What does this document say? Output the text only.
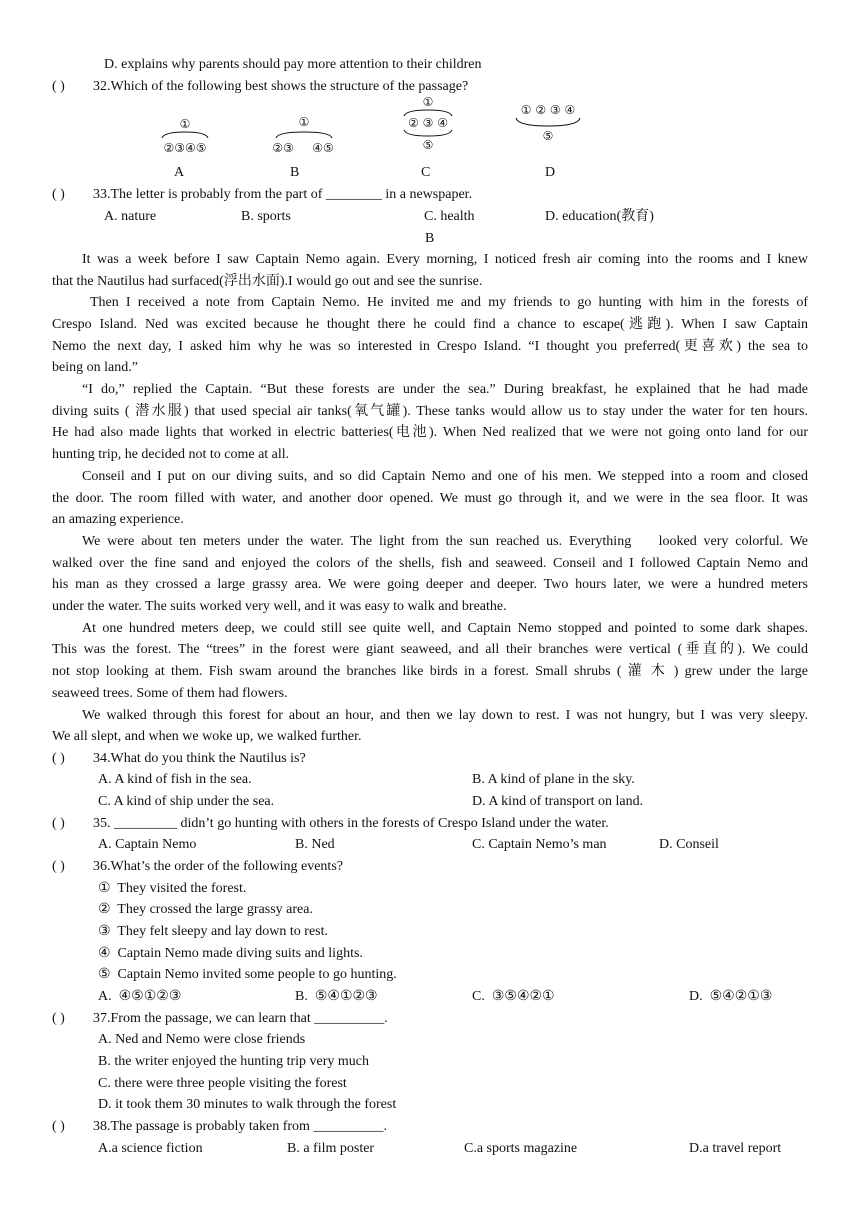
D. explains why parents should pay more attention to their children
( ) 32.Which of the following best shows the structure of the passage?
①
②③④⑤
①
②③ ④⑤
①
② ③ ④
⑤
① ② ③ ④
⑤
A	B	C	D
( ) 33.The letter is probably from the part of ________ in a newspaper.
A. nature	B. sports	C. health	D. education(教育)
B
It was a week before I saw Captain Nemo again. Every morning, I noticed fresh air coming into the rooms and I knew
that the Nautilus had surfaced(浮出水面).I would go out and see the sunrise.
Then I received a note from Captain Nemo. He invited me and my friends to go hunting with him in the forests of
Crespo Island. Ned was excited because he thought there he could find a chance to escape(逃跑). When I saw Captain
Nemo the next day, I asked him why he was so interested in Crespo Island. “I thought you preferred(更喜欢) the sea to
being on land.”
“I do,” replied the Captain. “But these forests are under the sea.” During breakfast, he explained that he had made
diving suits ( 潜水服) that used special air tanks(氧气罐). These tanks would allow us to stay under the water for ten hours.
He had also made lights that worked in electric batteries(电池). When Ned realized that we were not going onto land for our
hunting trip, he decided not to come at all.
Conseil and I put on our diving suits, and so did Captain Nemo and one of his men. We stepped into a room and closed
the door. The room filled with water, and another door opened. We must go through it, and we were in the sea floor. It was
an amazing experience.
We were about ten meters under the water. The light from the sun reached us. Everything    looked very colorful. We
walked over the fine sand and enjoyed the colors of the shells, fish and seaweed. Conseil and I followed Captain Nemo and
his man as they crossed a large grassy area. We were going deeper and deeper. Two hours later, we were a hundred meters
under the water. The suits worked very well, and it was easy to walk and breathe.
At one hundred meters deep, we could still see quite well, and Captain Nemo stopped and pointed to some dark shapes.
This was the forest. The “trees” in the forest were giant seaweed, and all their branches were vertical (垂直的). We could
not stop looking at them. Fish swam around the branches like birds in a forest. Small shrubs ( 灌 木 ) grew under the large
seaweed trees. Some of them had flowers.
We walked through this forest for about an hour, and then we lay down to rest. I was not hungry, but I was very sleepy.
We all slept, and when we woke up, we walked further.
( ) 34.What do you think the Nautilus is?
A. A kind of fish in the sea.	B. A kind of plane in the sky.
C. A kind of ship under the sea.	D. A kind of transport on land.
( ) 35. _________ didn’t go hunting with others in the forests of Crespo Island under the water.
A. Captain Nemo	B. Ned	C. Captain Nemo’s man	D. Conseil
( ) 36.What’s the order of the following events?
①  They visited the forest.
②  They crossed the large grassy area.
③  They felt sleepy and lay down to rest.
④  Captain Nemo made diving suits and lights.
⑤  Captain Nemo invited some people to go hunting.
A.  ④⑤①②③	B.  ⑤④①②③	C.  ③⑤④②①	D.  ⑤④②①③
( ) 37.From the passage, we can learn that __________.
A. Ned and Nemo were close friends
B. the writer enjoyed the hunting trip very much
C. there were three people visiting the forest
D. it took them 30 minutes to walk through the forest
( ) 38.The passage is probably taken from __________.
A.a science fiction	B. a film poster	C.a sports magazine	D.a travel report
